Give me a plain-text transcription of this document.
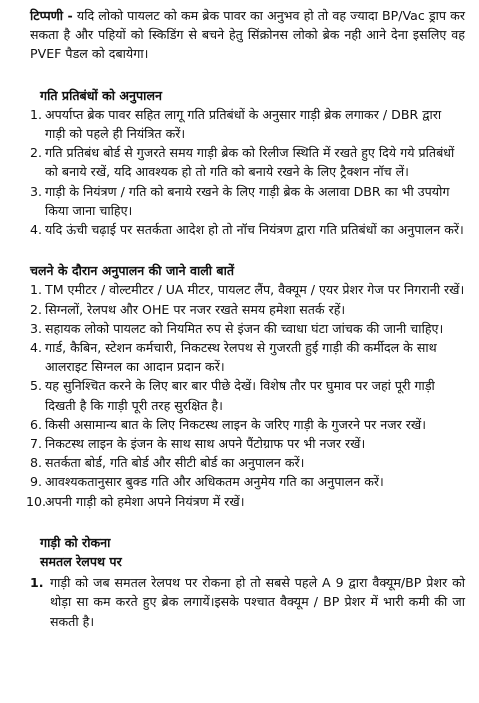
टिप्पणी - यदि लोको पायलट को कम ब्रेक पावर का अनुभव हो तो वह ज्यादा BP/Vac ड्राप कर सकता है और पहियों को स्किडिंग से बचने हेतु सिंक्रोनस लोको ब्रेक नही आने देना इसलिए वह PVEF पैडल को दबायेगा।

गति प्रतिबंधों को अनुपालन

1. अपर्याप्त ब्रेक पावर सहित लागू गति प्रतिबंधों के अनुसार गाड़ी ब्रेक लगाकर / DBR द्वारा गाड़ी को पहले ही नियंत्रित करें।
2. गति प्रतिबंध बोर्ड से गुजरते समय गाड़ी ब्रेक को रिलीज स्थिति में रखते हुए दिये गये प्रतिबंधों को बनाये रखें, यदि आवश्यक हो तो गति को बनाये रखने के लिए ट्रैक्शन नॉच लें।
3. गाड़ी के नियंत्रण / गति को बनाये रखने के लिए गाड़ी ब्रेक के अलावा DBR का भी उपयोग किया जाना चाहिए।
4. यदि ऊंची चढ़ाई पर सतर्कता आदेश हो तो नॉच नियंत्रण द्वारा गति प्रतिबंधों का अनुपालन करें।

चलने के दौरान अनुपालन की जाने वाली बातें

1. TM एमीटर / वोल्टमीटर / UA मीटर, पायलट लैंप, वैक्यूम / एयर प्रेशर गेज पर निगरानी रखें।
2. सिग्नलों, रेलपथ और OHE पर नजर रखते समय हमेशा सतर्क रहें।
3. सहायक लोको पायलट को नियमित रुप से इंजन की च्वाधा घंटा जांचक की जानी चाहिए।
4. गार्ड, कैबिन, स्टेशन कर्मचारी, निकटस्थ रेलपथ से गुजरती हुई गाड़ी की कर्मीदल के साथ आलराइट सिग्नल का आदान प्रदान करें।
5. यह सुनिश्चित करने के लिए बार बार पीछे देखें। विशेष तौर पर घुमाव पर जहां पूरी गाड़ी दिखती है कि गाड़ी पूरी तरह सुरक्षित है।
6. किसी असामान्य बात के लिए निकटस्थ लाइन के जरिए गाड़ी के गुजरने पर नजर रखें।
7. निकटस्थ लाइन के इंजन के साथ साथ अपने पैंटोग्राफ पर भी नजर रखें।
8. सतर्कता बोर्ड, गति बोर्ड और सीटी बोर्ड का अनुपालन करें।
9. आवश्यकतानुसार बुक्ड गति और अधिकतम अनुमेय गति का अनुपालन करें।
10.
अपनी गाड़ी को हमेशा अपने नियंत्रण में रखें।

गाड़ी को रोकना

समतल रेलपथ पर

1. गाड़ी को जब समतल रेलपथ पर रोकना हो तो सबसे पहले A 9 द्वारा वैक्यूम/BP प्रेशर को थोड़ा सा कम करते हुए ब्रेक लगायें।इसके पश्चात वैक्यूम / BP प्रेशर में भारी कमी की जा सकती है।
